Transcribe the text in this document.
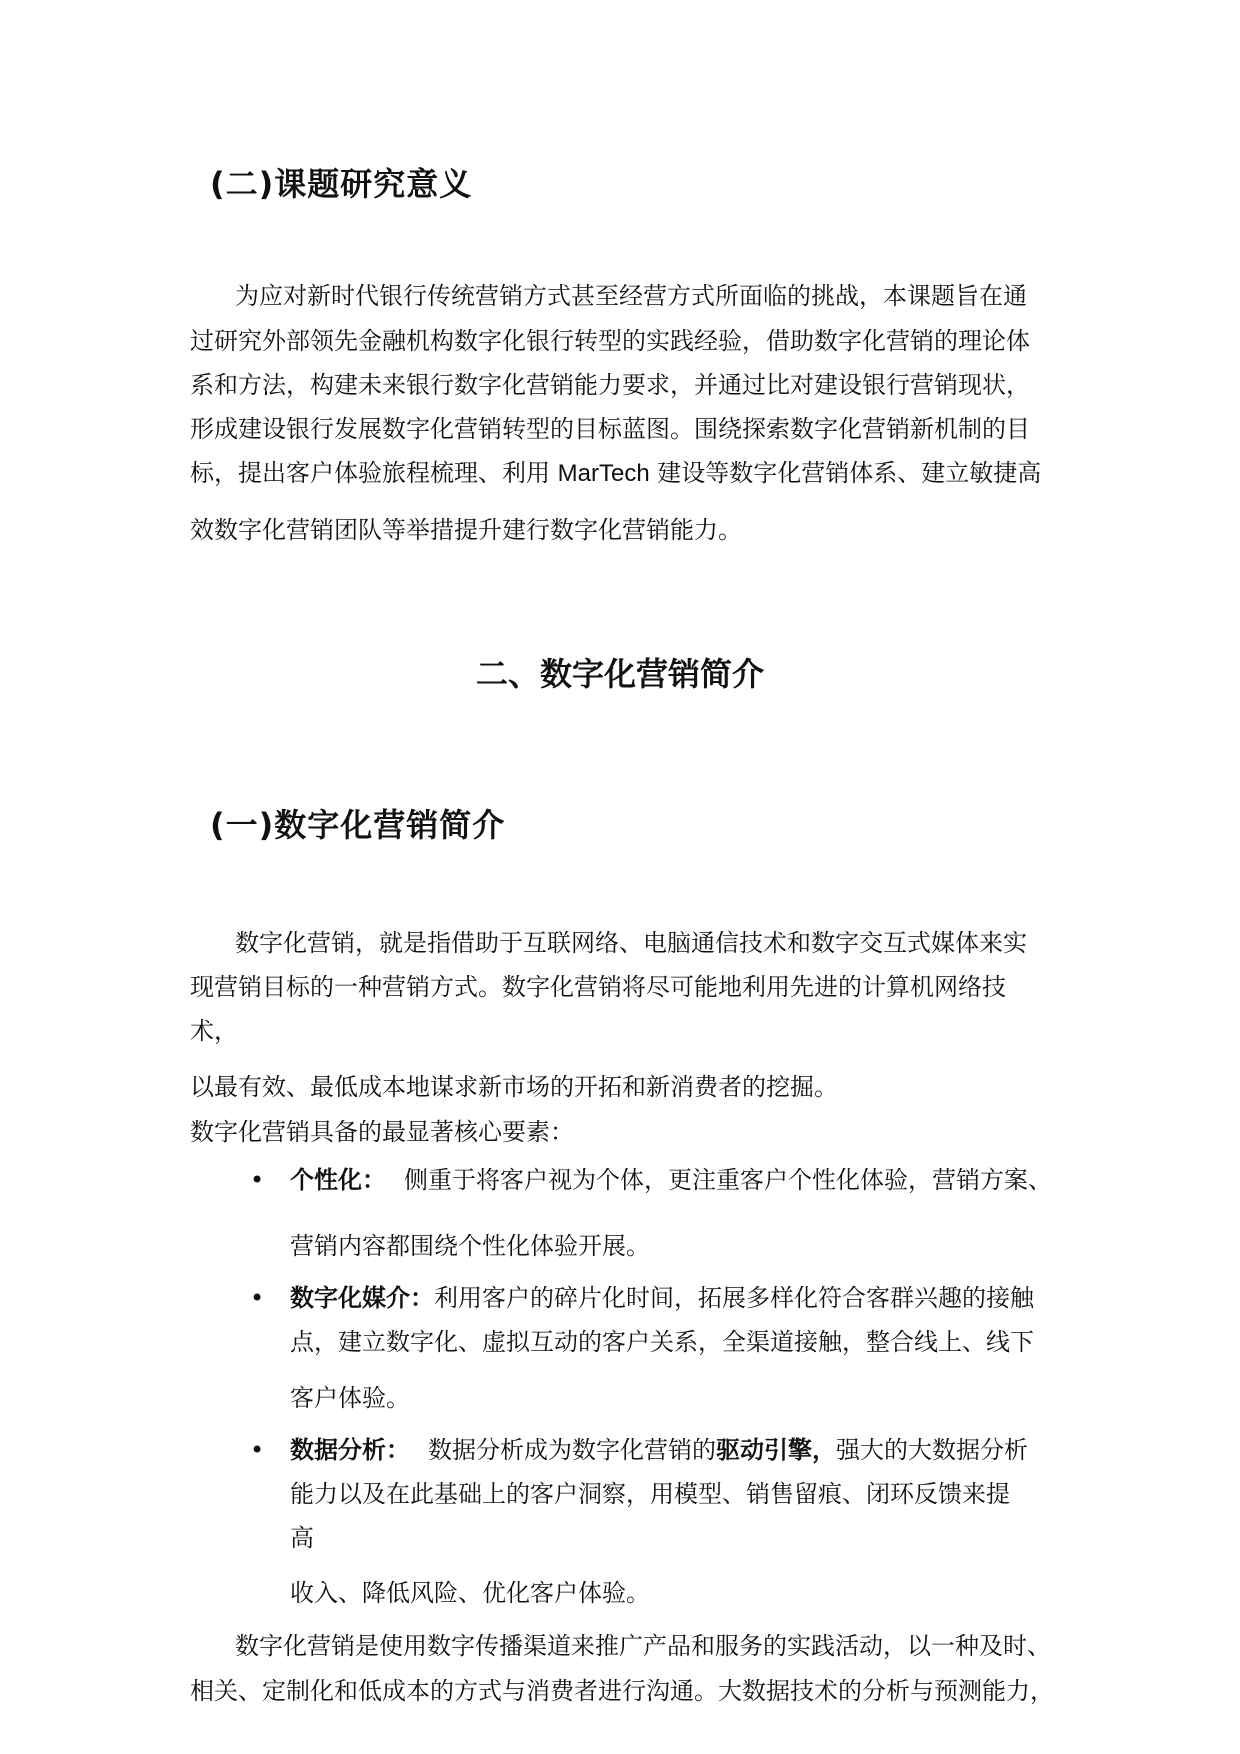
(二)课题研究意义

为应对新时代银行传统营销方式甚至经营方式所面临的挑战，本课题旨在通

过研究外部领先金融机构数字化银行转型的实践经验，借助数字化营销的理论体

系和方法，构建未来银行数字化营销能力要求，并通过比对建设银行营销现状，

形成建设银行发展数字化营销转型的目标蓝图。围绕探索数字化营销新机制的目

标，提出客户体验旅程梳理、利用 MarTech 建设等数字化营销体系、建立敏捷高

效数字化营销团队等举措提升建行数字化营销能力。

二、数字化营销简介
(一)数字化营销简介

数字化营销，就是指借助于互联网络、电脑通信技术和数字交互式媒体来实

现营销目标的一种营销方式。数字化营销将尽可能地利用先进的计算机网络技

术，

以最有效、最低成本地谋求新市场的开拓和新消费者的挖掘。

数字化营销具备的最显著核心要素：

• 个性化： 侧重于将客户视为个体，更注重客户个性化体验，营销方案、

营销内容都围绕个性化体验开展。

• 数字化媒介：利用客户的碎片化时间，拓展多样化符合客群兴趣的接触

点，建立数字化、虚拟互动的客户关系，全渠道接触，整合线上、线下

客户体验。

• 数据分析： 数据分析成为数字化营销的驱动引擎，强大的大数据分析

能力以及在此基础上的客户洞察，用模型、销售留痕、闭环反馈来提

高

收入、降低风险、优化客户体验。

数字化营销是使用数字传播渠道来推广产品和服务的实践活动，以一种及时、

相关、定制化和低成本的方式与消费者进行沟通。大数据技术的分析与预测能力，
